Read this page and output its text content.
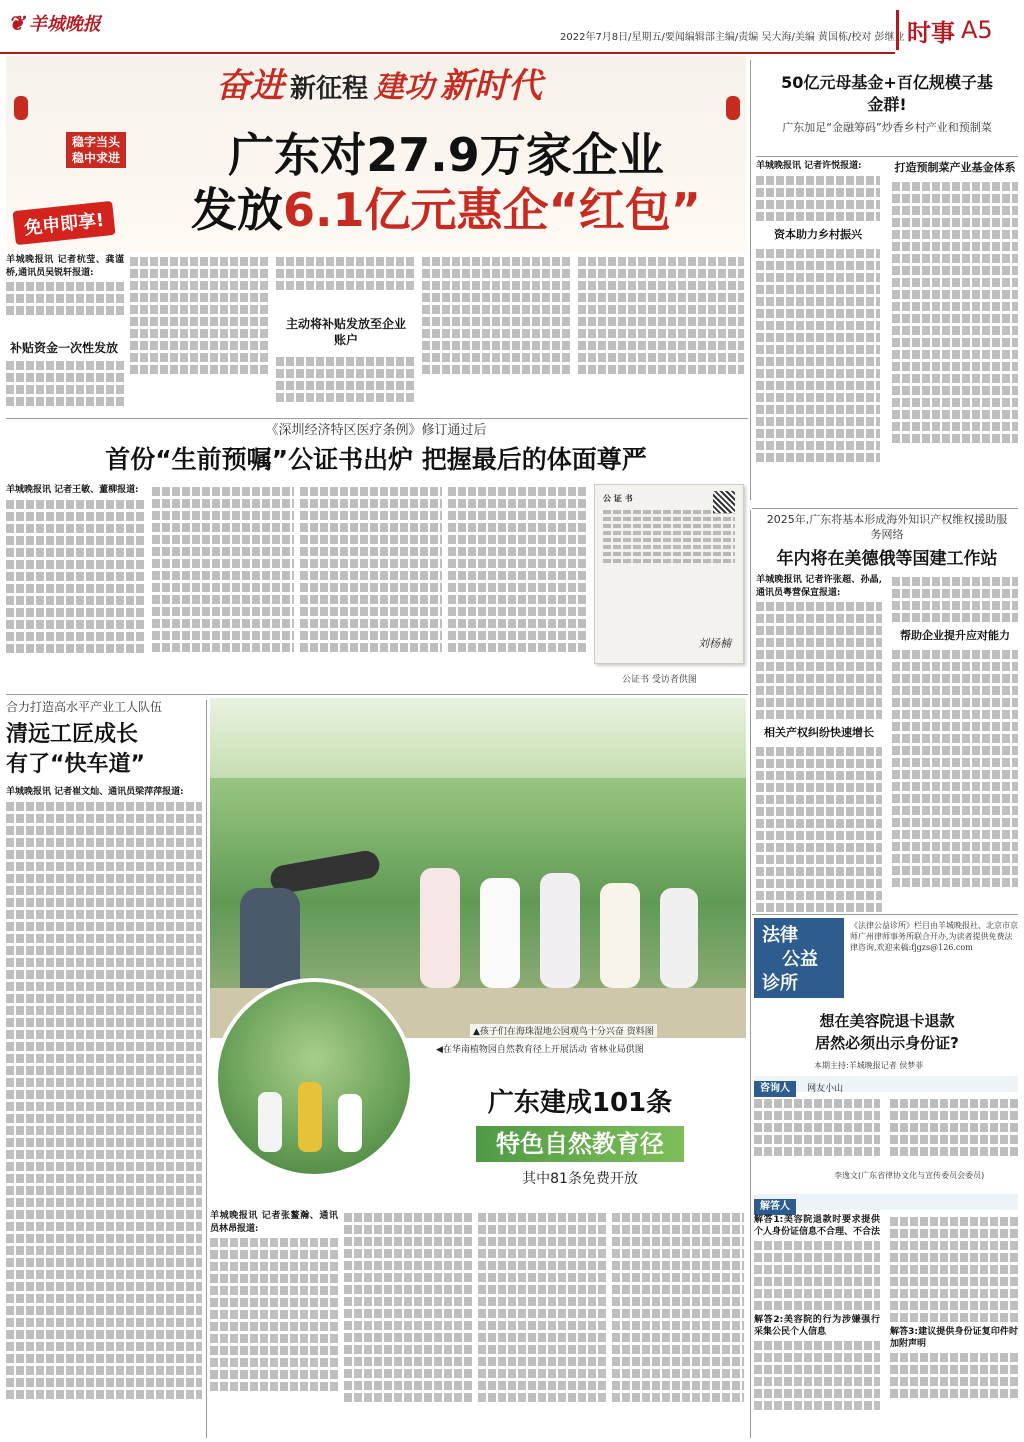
❦ 羊城晚报
2022年7月8日/星期五/要闻编辑部主编/责编 吴大海/美编 黄国栋/校对 彭继业 时事 A5
奋进 新征程 建功 新时代
稳字当头
稳中求进
免申即享!
广东对27.9万家企业
发放6.1亿元惠企“红包”
羊城晚报讯 记者杭莹、龚谨桥,通讯员吴锐轩报道:
补贴资金一次性发放
主动将补贴发放至企业账户
50亿元母基金+百亿规模子基金群!
广东加足“金融筹码”炒香乡村产业和预制菜
羊城晚报讯 记者许悦报道:
资本助力乡村振兴
打造预制菜产业基金体系
《深圳经济特区医疗条例》修订通过后
首份“生前预嘱”公证书出炉 把握最后的体面尊严
羊城晚报讯 记者王敏、董柳报道:
公 证 书
刘杨楠
公证书 受访者供图
2025年,广东将基本形成海外知识产权维权援助服务网络
年内将在美德俄等国建工作站
羊城晚报讯 记者许张超、孙晶,通讯员粤营保宣报道:
相关产权纠纷快速增长
帮助企业提升应对能力
合力打造高水平产业工人队伍
清远工匠成长
有了“快车道”
羊城晚报讯 记者崔文灿、通讯员梁萍萍报道:
▲孩子们在海珠湿地公园观鸟十分兴奋 资料图
◀在华南植物园自然教育径上开展活动 省林业局供图
广东建成101条
特色自然教育径
其中81条免费开放
羊城晚报讯 记者张鳌瀚、通讯员林昂报道:
法律
公益
诊所
《法律公益诊所》栏目由羊城晚报社、北京市京师广州律师事务所联合开办,为读者提供免费法律咨询,欢迎来稿:fjgzs@126.com
想在美容院退卡退款
居然必须出示身份证?
本期主持:羊城晚报记者 侯梦菲
咨询人 网友小山
李逸文(广东省律协文化与宣传委员会委员)
解答人
解答1:美容院退款时要求提供个人身份证信息不合理、不合法
解答2:美容院的行为涉嫌强行采集公民个人信息	解答3:建议提供身份证复印件时加附声明
